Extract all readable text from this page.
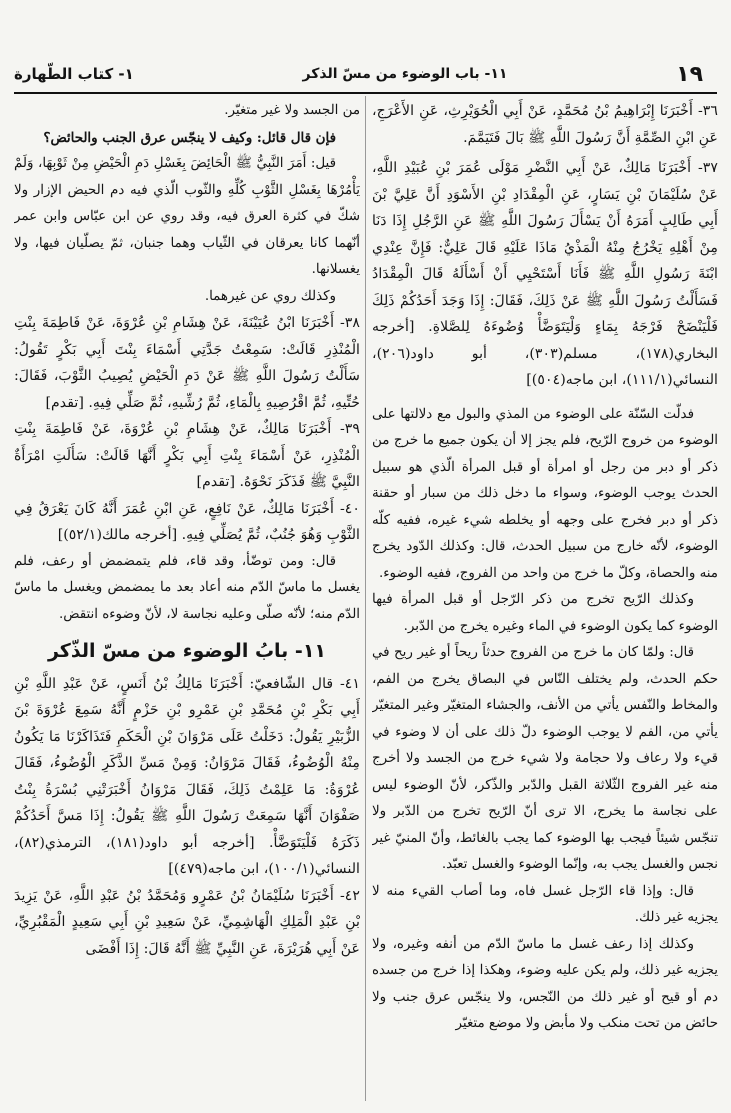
١- كتاب الطّهارة	١١- باب الوضوء من مسّ الذكر	١٩

٣٦- أَخْبَرَنَا إِبْرَاهِيمُ بْنُ مُحَمَّدٍ، عَنْ أَبِي الْحُوَيْرِثِ، عَنِ الأَعْرَجِ، عَنِ ابْنِ الصِّمَّةِ أَنَّ رَسُولَ اللَّهِ ﷺ بَالَ فَتَيَمَّمَ.

٣٧- أَخْبَرَنَا مَالِكٌ، عَنْ أَبِي النَّضْرِ مَوْلَى عُمَرَ بْنِ عُبَيْدِ اللَّهِ، عَنْ سُلَيْمَانَ بْنِ يَسَارٍ، عَنِ الْمِقْدَادِ بْنِ الأَسْوَدِ أَنَّ عَلِيَّ بْنَ أَبِي طَالِبٍ أَمَرَهُ أَنْ يَسْأَلَ رَسُولَ اللَّهِ ﷺ عَنِ الرَّجُلِ إِذَا دَنَا مِنْ أَهْلِهِ يَخْرُجُ مِنْهُ الْمَذْيُ مَاذَا عَلَيْهِ قَالَ عَلِيٌّ: فَإِنَّ عِنْدِي ابْنَةَ رَسُولِ اللَّهِ ﷺ فَأَنَا أَسْتَحْيِي أَنْ أَسْأَلَهُ قَالَ الْمِقْدَادُ فَسَأَلْتُ رَسُولَ اللَّهِ ﷺ عَنْ ذَلِكَ، فَقَالَ: إِذَا وَجَدَ أَحَدُكُمْ ذَلِكَ فَلْيَنْضَحْ فَرْجَهُ بِمَاءٍ وَلْيَتَوَضَّأْ وُضُوءَهُ لِلصَّلاةِ. [أخرجه البخاري(١٧٨)، مسلم(٣٠٣)، أبو داود(٢٠٦)، النسائي(١١١/١)، ابن ماجه(٥٠٤)]

فدلّت السّنّة على الوضوء من المذي والبول مع دلالتها على الوضوء من خروج الرّيح، فلم يجز إلا أن يكون جميع ما خرج من ذكر أو دبر من رجل أو امرأة أو قبل المرأة الّذي هو سبيل الحدث يوجب الوضوء، وسواء ما دخل ذلك من سبار أو حقنة ذكر أو دبر فخرج على وجهه أو يخلطه شيء غيره، ففيه كلّه الوضوء، لأنّه خارج من سبيل الحدث، قال: وكذلك الدّود يخرج منه والحصاة، وكلّ ما خرج من واحد من الفروج، ففيه الوضوء.

وكذلك الرّيح تخرج من ذكر الرّجل أو قبل المرأة فيها الوضوء كما يكون الوضوء في الماء وغيره يخرج من الدّبر.

قال: ولمّا كان ما خرج من الفروج حدثاً ريحاً أو غير ريح في حكم الحدث، ولم يختلف النّاس في البصاق يخرج من الفم، والمخاط والنّفس يأتي من الأنف، والجشاء المتغيّر وغير المتغيّر يأتي من، الفم لا يوجب الوضوء دلّ ذلك على أن لا وضوء في قيء ولا رعاف ولا حجامة ولا شيء خرج من الجسد ولا أخرج منه غير الفروج الثّلاثة القبل والدّبر والذّكر، لأنّ الوضوء ليس على نجاسة ما يخرج، الا ترى أنّ الرّيح تخرج من الدّبر ولا تنجّس شيئاً فيجب بها الوضوء كما يجب بالغائط، وأنّ المنيّ غير نجس والغسل يجب به، وإنّما الوضوء والغسل تعبّد.

قال: وإذا قاء الرّجل غسل فاه، وما أصاب القيء منه لا يجزيه غير ذلك.

وكذلك إذا رعف غسل ما ماسّ الدّم من أنفه وغيره، ولا يجزيه غير ذلك، ولم يكن عليه وضوء، وهكذا إذا خرج من جسده دم أو قيح أو غير ذلك من النّجس، ولا ينجّس عرق جنب ولا حائض من تحت منكب ولا مأبض ولا موضع متغيّر

من الجسد ولا غير متغيّر.

فإن قال قائل: وكيف لا ينجّس عرق الجنب والحائض؟

قيل: أَمَرَ النَّبِيُّ ﷺ الْحَائِضَ بِغَسْلِ دَمِ الْحَيْضِ مِنْ ثَوْبِهَا، وَلَمْ يَأْمُرْهَا بِغَسْلِ الثَّوْبِ كُلِّهِ والثّوب الّذي فيه دم الحيض الإزار ولا شكّ في كثرة العرق فيه، وقد روي عن ابن عبّاس وابن عمر أنّهما كانا يعرقان في الثّياب وهما جنبان، ثمّ يصلّيان فيها، ولا يغسلانها.

وكذلك روي عن غيرهما.

٣٨- أَخْبَرَنَا ابْنُ عُيَيْنَةَ، عَنْ هِشَامِ بْنِ عُرْوَةَ، عَنْ فَاطِمَةَ بِنْتِ الْمُنْذِرِ قَالَتْ: سَمِعْتُ جَدَّتِي أَسْمَاءَ بِنْتَ أَبِي بَكْرٍ تَقُولُ: سَأَلْتُ رَسُولَ اللَّهِ ﷺ عَنْ دَمِ الْحَيْضِ يُصِيبُ الثَّوْبَ، فَقَالَ: حُتِّيهِ، ثُمَّ اقْرُصِيهِ بِالْمَاءِ، ثُمَّ رُشِّيهِ، ثُمَّ صَلِّي فِيهِ. [تقدم]

٣٩- أَخْبَرَنَا مَالِكٌ، عَنْ هِشَامِ بْنِ عُرْوَةَ، عَنْ فَاطِمَةَ بِنْتِ الْمُنْذِرِ، عَنْ أَسْمَاءَ بِنْتِ أَبِي بَكْرٍ أَنَّهَا قَالَتْ: سَأَلَتِ امْرَأَةٌ النَّبِيَّ ﷺ فَذَكَرَ نَحْوَهُ. [تقدم]

٤٠- أَخْبَرَنَا مَالِكٌ، عَنْ نَافِعٍ، عَنِ ابْنِ عُمَرَ أَنَّهُ كَانَ يَعْرَقُ فِي الثَّوْبِ وَهُوَ جُنُبٌ، ثُمَّ يُصَلِّي فِيهِ. [أخرجه مالك(٥٢/١)]

قال: ومن توضّأ، وقد قاء، فلم يتمضمض أو رعف، فلم يغسل ما ماسّ الدّم منه أعاد بعد ما يمضمض ويغسل ما ماسّ الدّم منه؛ لأنّه صلّى وعليه نجاسة لا، لأنّ وضوءه انتقض.

١١- بابُ الوضوء من مسّ الذّكر

٤١- قال الشّافعيّ: أَخْبَرَنَا مَالِكُ بْنُ أَنَسٍ، عَنْ عَبْدِ اللَّهِ بْنِ أَبِي بَكْرِ بْنِ مُحَمَّدِ بْنِ عَمْرِو بْنِ حَزْمٍ أَنَّهُ سَمِعَ عُرْوَةَ بْنَ الزُّبَيْرِ يَقُولُ: دَخَلْتُ عَلَى مَرْوَانَ بْنِ الْحَكَمِ فَتَذَاكَرْنَا مَا يَكُونُ مِنْهُ الْوُضُوءُ، فَقَالَ مَرْوَانُ: وَمِنْ مَسِّ الذَّكَرِ الْوُضُوءُ، فَقَالَ عُرْوَةُ: مَا عَلِمْتُ ذَلِكَ، فَقَالَ مَرْوَانُ أَخْبَرَتْنِي بُسْرَةُ بِنْتُ صَفْوَانَ أَنَّهَا سَمِعَتْ رَسُولَ اللَّهِ ﷺ يَقُولُ: إِذَا مَسَّ أَحَدُكُمْ ذَكَرَهُ فَلْيَتَوَضَّأْ. [أخرجه أبو داود(١٨١)، الترمذي(٨٢)، النسائي(١٠٠/١)، ابن ماجه(٤٧٩)]

٤٢- أَخْبَرَنَا سُلَيْمَانُ بْنُ عَمْرٍو وَمُحَمَّدُ بْنُ عَبْدِ اللَّهِ، عَنْ يَزِيدَ بْنِ عَبْدِ الْمَلِكِ الْهَاشِمِيِّ، عَنْ سَعِيدِ بْنِ أَبِي سَعِيدٍ الْمَقْبُرِيِّ، عَنْ أَبِي هُرَيْرَةَ، عَنِ النَّبِيِّ ﷺ أَنَّهُ قَالَ: إِذَا أَفْضَى
